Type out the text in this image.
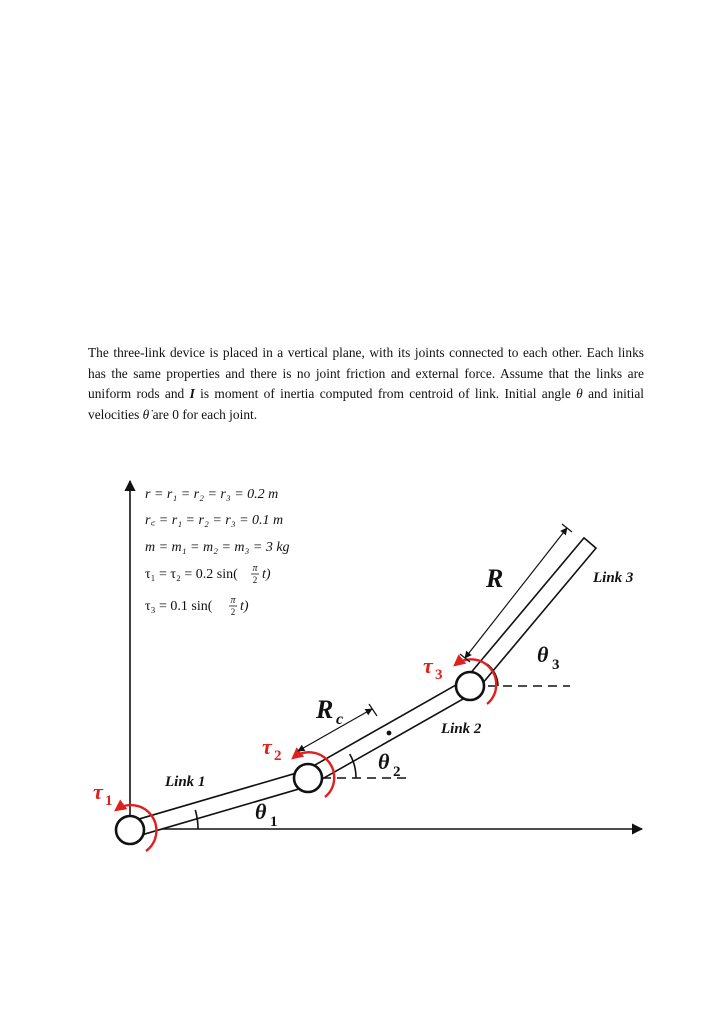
The three-link device is placed in a vertical plane, with its joints connected to each other. Each links has the same properties and there is no joint friction and external force. Assume that the links are uniform rods and I is moment of inertia computed from centroid of link. Initial angle θ and initial velocities θ̇ are 0 for each joint.

r = r₁ = r₂ = r₃ = 0.2 m
r꜀ = r₁ = r₂ = r₃ = 0.1 m
m = m₁ = m₂ = m₃ = 3 kg
τ₁ = τ₂ = 0.2 sin( π
2 t)
τ₃ = 0.1 sin( π
2 t)
Link 1
Link 2
Link 3
R
R c
θ 1
θ 2
θ 3
τ 1
τ 2
τ 3
